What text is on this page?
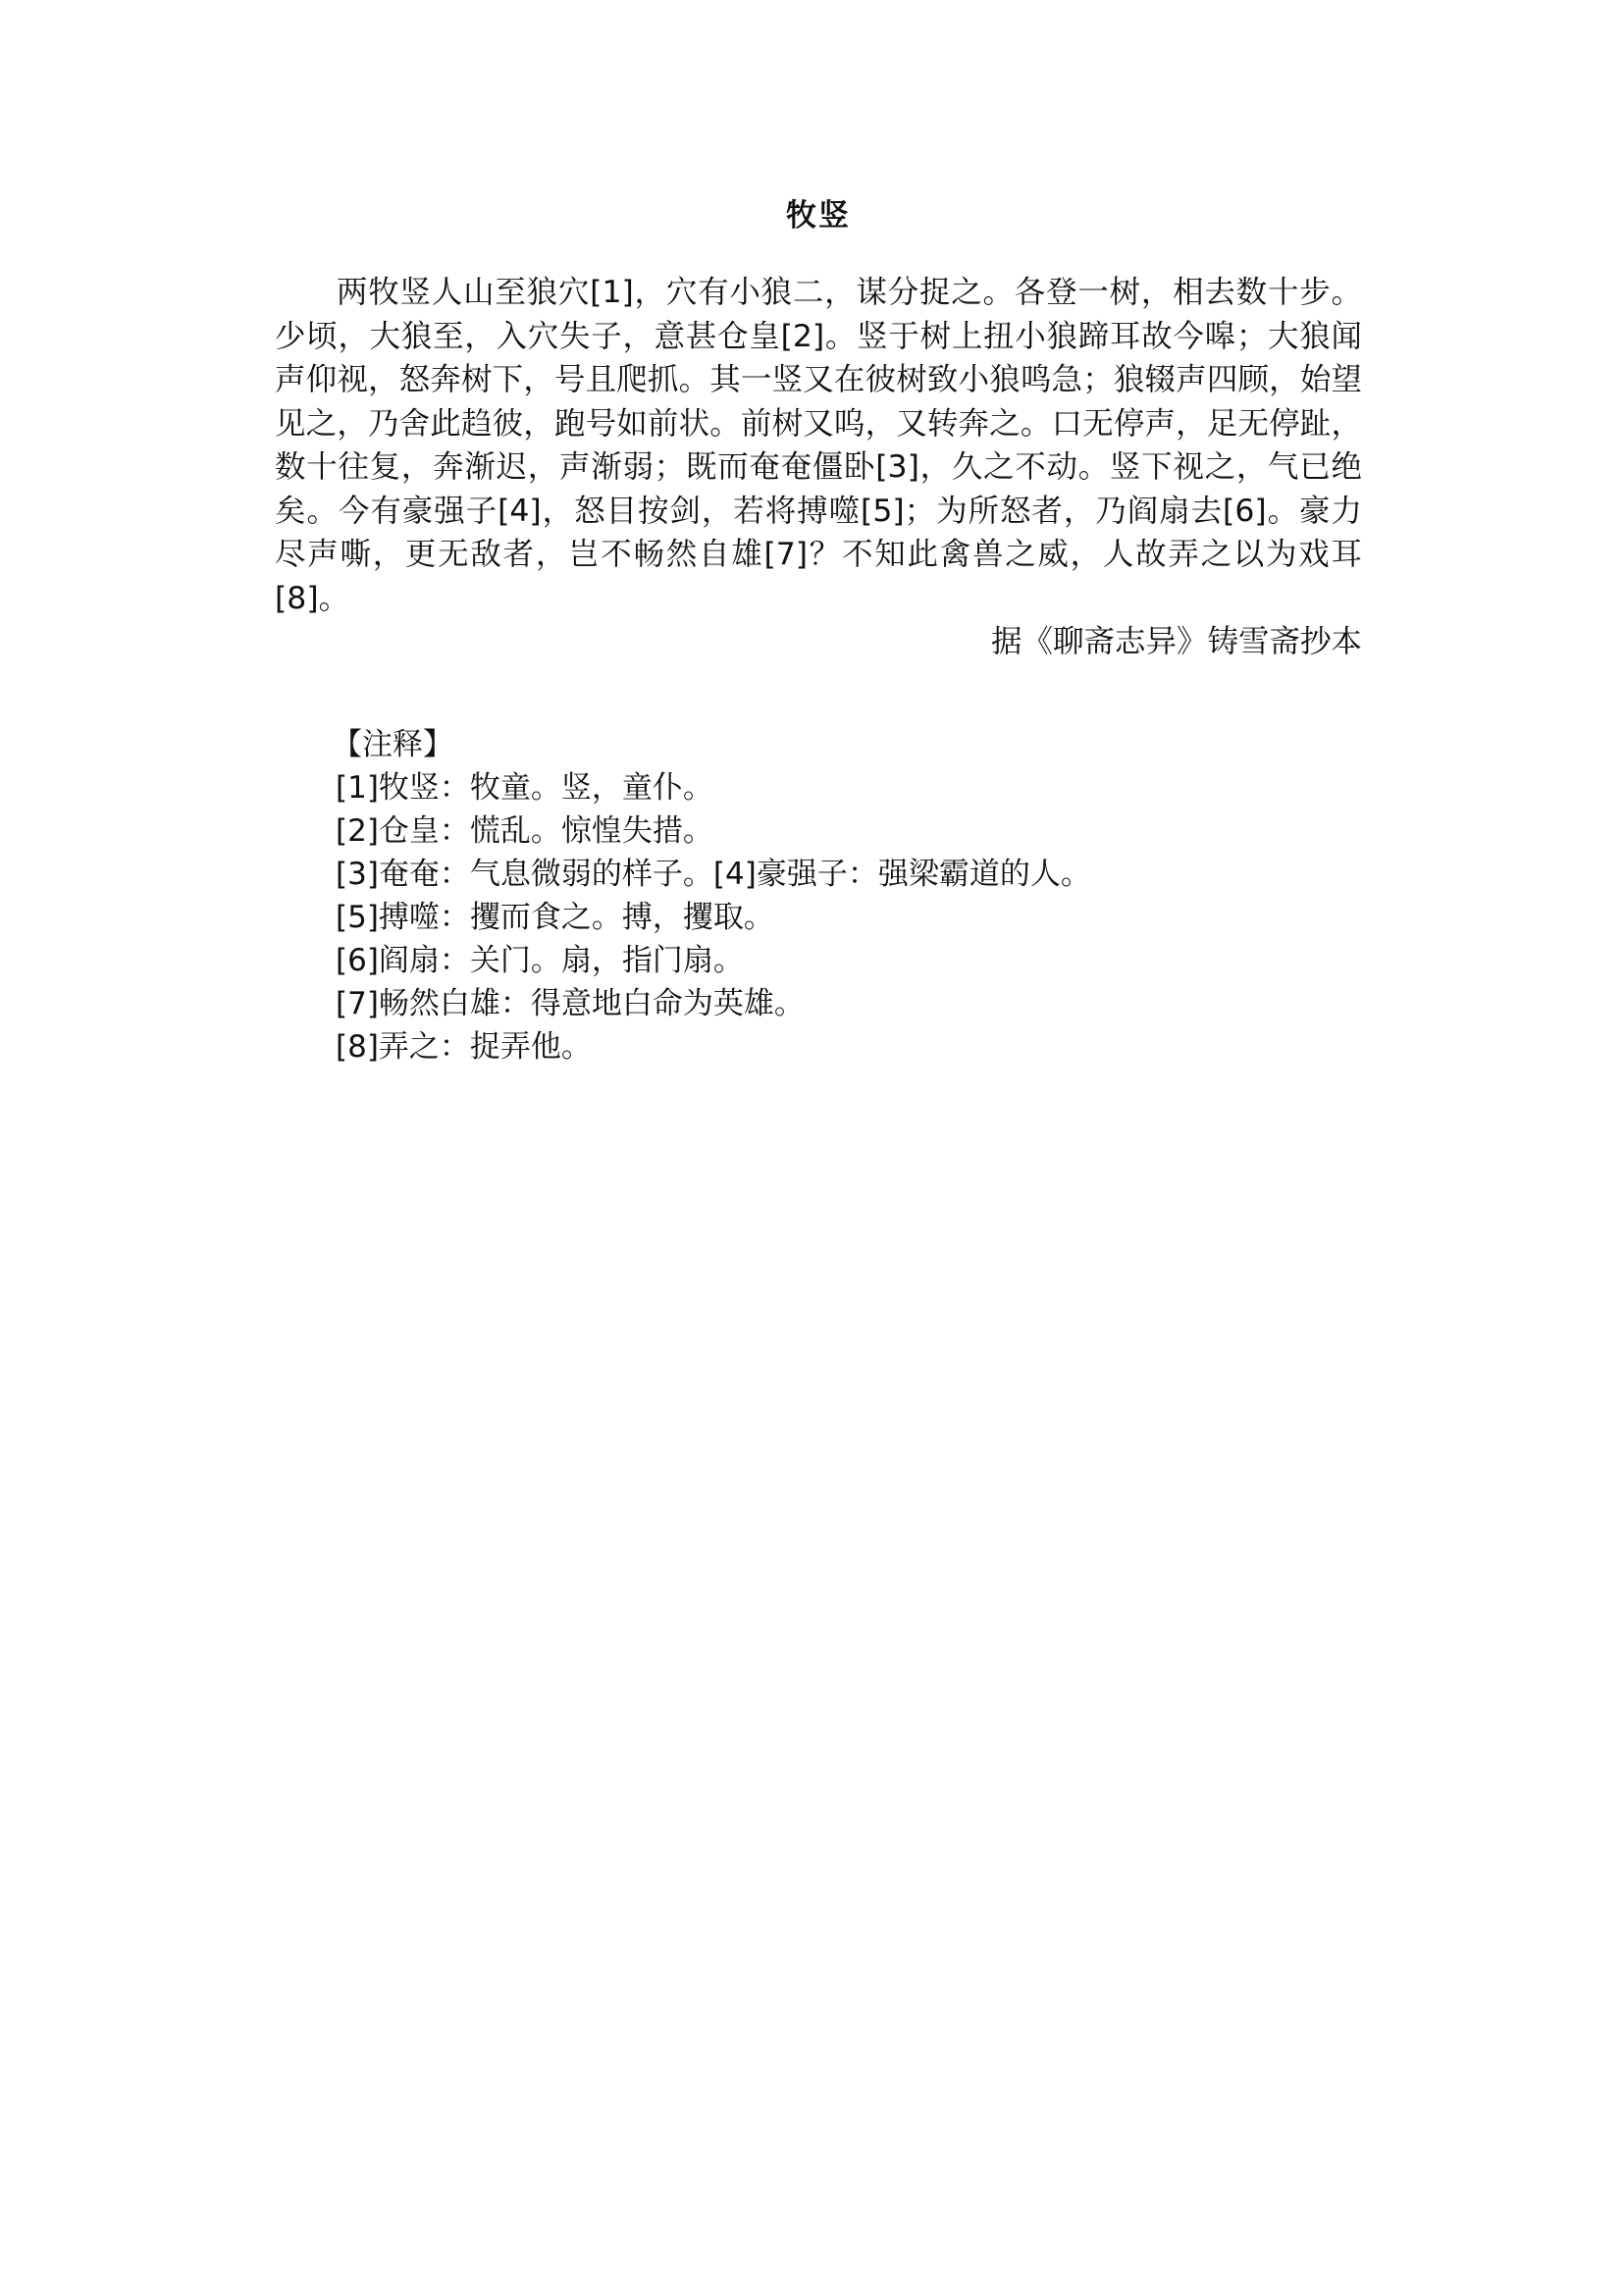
牧竖

两牧竖人山至狼穴[1]，穴有小狼二，谋分捉之。各登一树，相去数十步。少顷，大狼至，入穴失子，意甚仓皇[2]。竖于树上扭小狼蹄耳故今嗥；大狼闻声仰视，怒奔树下，号且爬抓。其一竖又在彼树致小狼鸣急；狼辍声四顾，始望见之，乃舍此趋彼，跑号如前状。前树又呜，又转奔之。口无停声，足无停趾，数十往复，奔渐迟，声渐弱；既而奄奄僵卧[3]，久之不动。竖下视之，气已绝矣。今有豪强子[4]，怒目按剑，若将搏噬[5]；为所怒者，乃阎扇去[6]。豪力尽声嘶，更无敌者，岂不畅然自雄[7]？不知此禽兽之威，人故弄之以为戏耳[8]。

据《聊斋志异》铸雪斋抄本

【注释】
[1]牧竖：牧童。竖，童仆。
[2]仓皇：慌乱。惊惶失措。
[3]奄奄：气息微弱的样子。[4]豪强子：强梁霸道的人。
[5]搏噬：攫而食之。搏，攫取。
[6]阎扇：关门。扇，指门扇。
[7]畅然白雄：得意地白命为英雄。
[8]弄之：捉弄他。
